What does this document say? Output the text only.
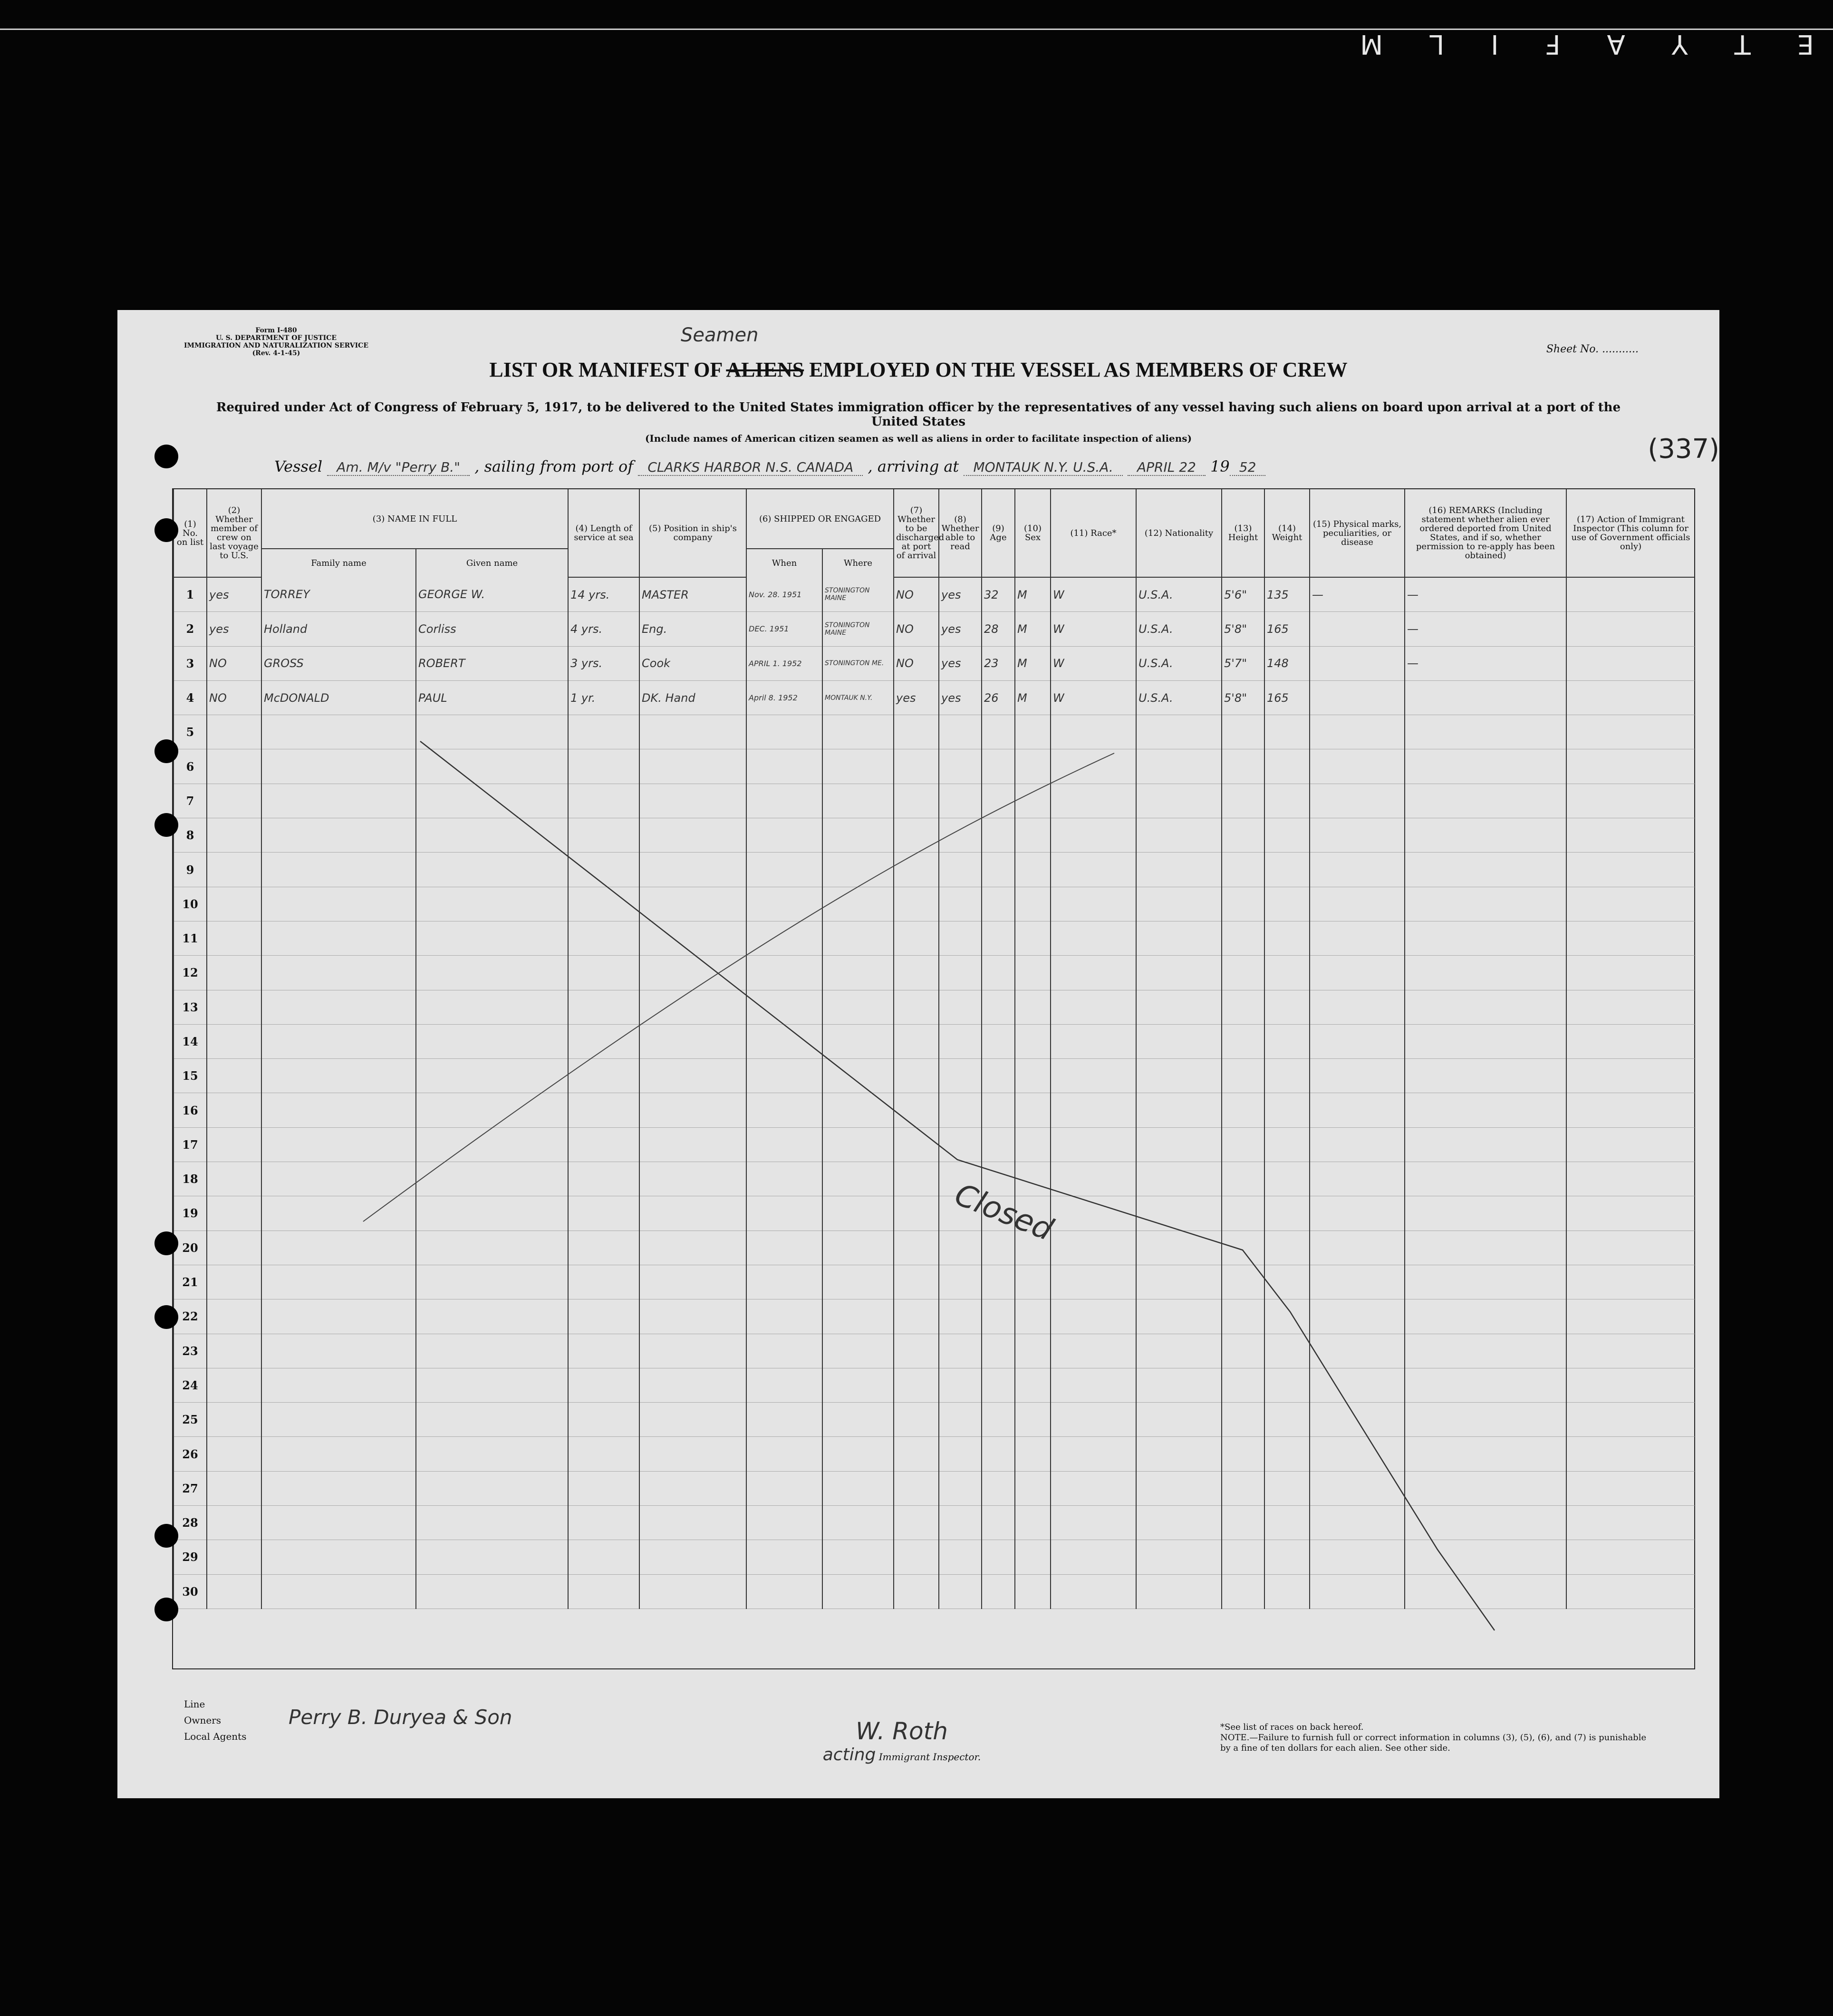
E T Y A F I L M
Form I-480
U. S. DEPARTMENT OF JUSTICE
IMMIGRATION AND NATURALIZATION SERVICE
(Rev. 4-1-45)	Sheet No. ...........
Seamen
LIST OR MANIFEST OF ALIENS EMPLOYED ON THE VESSEL AS MEMBERS OF CREW
Required under Act of Congress of February 5, 1917, to be delivered to the United States immigration officer by the representatives of any vessel having such aliens on board upon arrival at a port of the United States
(Include names of American citizen seamen as well as aliens in order to facilitate inspection of aliens)	(337)
Vessel Am. M/v "Perry B." , sailing from port of CLARKS HARBOR N.S. CANADA , arriving at MONTAUK N.Y. U.S.A. APRIL 22 19 52
(1) No. on list	(2) Whether member of crew on last voyage to U.S.	(3) NAME IN FULL		(4) Length of service at sea	(5) Position in ship's company	(6) SHIPPED OR ENGAGED		(7) Whether to be discharged at port of arrival	(8) Whether able to read	(9) Age	(10) Sex	(11) Race*	(12) Nationality	(13) Height	(14) Weight	(15) Physical marks, peculiarities, or disease	(16) REMARKS (Including statement whether alien ever ordered deported from United States, and if so, whether permission to re-apply has been obtained)	(17) Action of Immigrant Inspector (This column for use of Government officials only)
		Family name	Given name			When	Where											
1	yes	TORREY	GEORGE W.	14 yrs.	MASTER	Nov. 28. 1951	STONINGTON MAINE	NO	yes	32	M	W	U.S.A.	5'6"	135	—	—	
2	yes	Holland	Corliss	4 yrs.	Eng.	DEC. 1951	STONINGTON MAINE	NO	yes	28	M	W	U.S.A.	5'8"	165		—	
3	NO	GROSS	ROBERT	3 yrs.	Cook	APRIL 1. 1952	STONINGTON ME.	NO	yes	23	M	W	U.S.A.	5'7"	148		—	
4	NO	McDONALD	PAUL	1 yr.	DK. Hand	April 8. 1952	MONTAUK N.Y.	yes	yes	26	M	W	U.S.A.	5'8"	165			
5																		
6																		
7																		
8																		
9																		
10																		
11																		
12																		
13																		
14																		
15																		
16																		
17																		
18																		
19																		
20																		
21																		
22																		
23																		
24																		
25																		
26																		
27																		
28																		
29																		
30																		
Closed
Line
Owners
Local Agents
Perry B. Duryea & Son
W. Roth
acting Immigrant Inspector.
*See list of races on back hereof.
NOTE.—Failure to furnish full or correct information in columns (3), (5), (6), and (7) is punishable by a fine of ten dollars for each alien. See other side.
